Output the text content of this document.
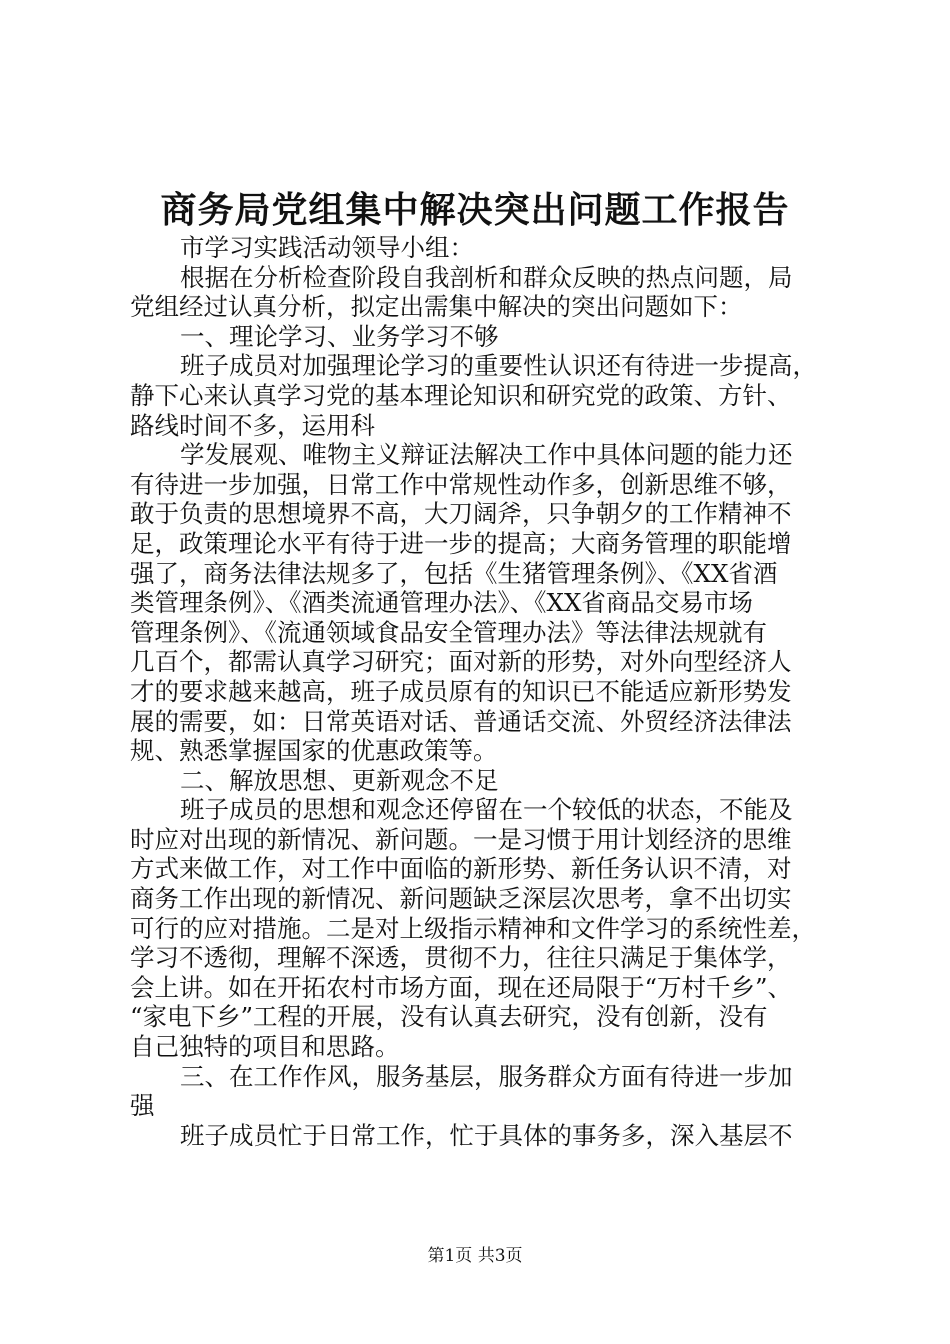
商务局党组集中解决突出问题工作报告
市学习实践活动领导小组：
根据在分析检查阶段自我剖析和群众反映的热点问题，局
党组经过认真分析，拟定出需集中解决的突出问题如下：
一、理论学习、业务学习不够
班子成员对加强理论学习的重要性认识还有待进一步提高，
静下心来认真学习党的基本理论知识和研究党的政策、方针、
路线时间不多，运用科
学发展观、唯物主义辩证法解决工作中具体问题的能力还
有待进一步加强，日常工作中常规性动作多，创新思维不够，
敢于负责的思想境界不高，大刀阔斧，只争朝夕的工作精神不
足，政策理论水平有待于进一步的提高；大商务管理的职能增
强了，商务法律法规多了，包括《生猪管理条例》、《XX省酒
类管理条例》、《酒类流通管理办法》、《XX省商品交易市场
管理条例》、《流通领域食品安全管理办法》等法律法规就有
几百个，都需认真学习研究；面对新的形势，对外向型经济人
才的要求越来越高，班子成员原有的知识已不能适应新形势发
展的需要，如：日常英语对话、普通话交流、外贸经济法律法
规、熟悉掌握国家的优惠政策等。
二、解放思想、更新观念不足
班子成员的思想和观念还停留在一个较低的状态，不能及
时应对出现的新情况、新问题。一是习惯于用计划经济的思维
方式来做工作，对工作中面临的新形势、新任务认识不清，对
商务工作出现的新情况、新问题缺乏深层次思考，拿不出切实
可行的应对措施。二是对上级指示精神和文件学习的系统性差，
学习不透彻，理解不深透，贯彻不力，往往只满足于集体学，
会上讲。如在开拓农村市场方面，现在还局限于“万村千乡”、
“家电下乡”工程的开展，没有认真去研究，没有创新，没有
自己独特的项目和思路。
三、在工作作风，服务基层，服务群众方面有待进一步加
强
班子成员忙于日常工作，忙于具体的事务多，深入基层不
第1页 共3页
